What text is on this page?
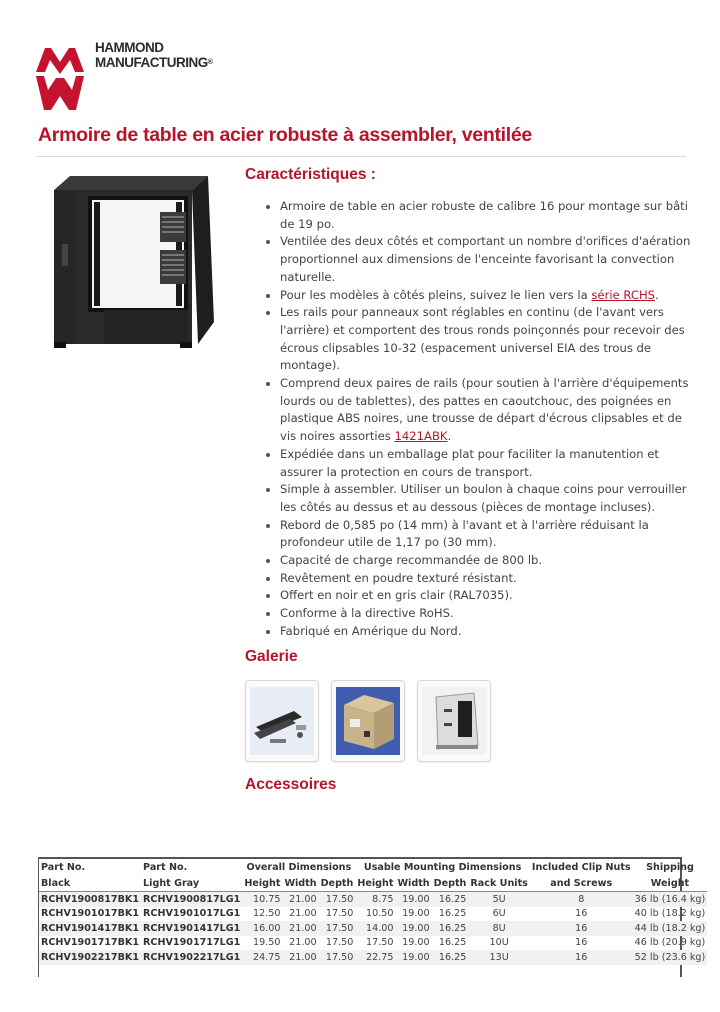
HAMMOND
MANUFACTURING®
Armoire de table en acier robuste à assembler, ventilée
Caractéristiques :
• Armoire de table en acier robuste de calibre 16 pour montage sur bâti de 19 po.
• Ventilée des deux côtés et comportant un nombre d'orifices d'aération proportionnel aux dimensions de l'enceinte favorisant la convection naturelle.
• Pour les modèles à côtés pleins, suivez le lien vers la série RCHS.
• Les rails pour panneaux sont réglables en continu (de l'avant vers l'arrière) et comportent des trous ronds poinçonnés pour recevoir des écrous clipsables 10-32 (espacement universel EIA des trous de montage).
• Comprend deux paires de rails (pour soutien à l'arrière d'équipements lourds ou de tablettes), des pattes en caoutchouc, des poignées en plastique ABS noires, une trousse de départ d'écrous clipsables et de vis noires assorties 1421ABK.
• Expédiée dans un emballage plat pour faciliter la manutention et assurer la protection en cours de transport.
• Simple à assembler. Utiliser un boulon à chaque coins pour verrouiller les côtés au dessus et au dessous (pièces de montage incluses).
• Rebord de 0,585 po (14 mm) à l'avant et à l'arrière réduisant la profondeur utile de 1,17 po (30 mm).
• Capacité de charge recommandée de 800 lb.
• Revêtement en poudre texturé résistant.
• Offert en noir et en gris clair (RAL7035).
• Conforme à la directive RoHS.
• Fabriqué en Amérique du Nord.
Galerie
Accessoires
Part No.	Part No.	Overall Dimensions			Usable Mounting Dimensions				Included Clip Nuts	Shipping
Black	Light Gray	Height	Width	Depth	Height	Width	Depth	Rack Units	and Screws	Weight
RCHV1900817BK1	RCHV1900817LG1	10.75	21.00	17.50	8.75	19.00	16.25	5U	8	36 lb (16.4 kg)
RCHV1901017BK1	RCHV1901017LG1	12.50	21.00	17.50	10.50	19.00	16.25	6U	16	40 lb (18.2 kg)
RCHV1901417BK1	RCHV1901417LG1	16.00	21.00	17.50	14.00	19.00	16.25	8U	16	44 lb (18.2 kg)
RCHV1901717BK1	RCHV1901717LG1	19.50	21.00	17.50	17.50	19.00	16.25	10U	16	46 lb (20.9 kg)
RCHV1902217BK1	RCHV1902217LG1	24.75	21.00	17.50	22.75	19.00	16.25	13U	16	52 lb (23.6 kg)
